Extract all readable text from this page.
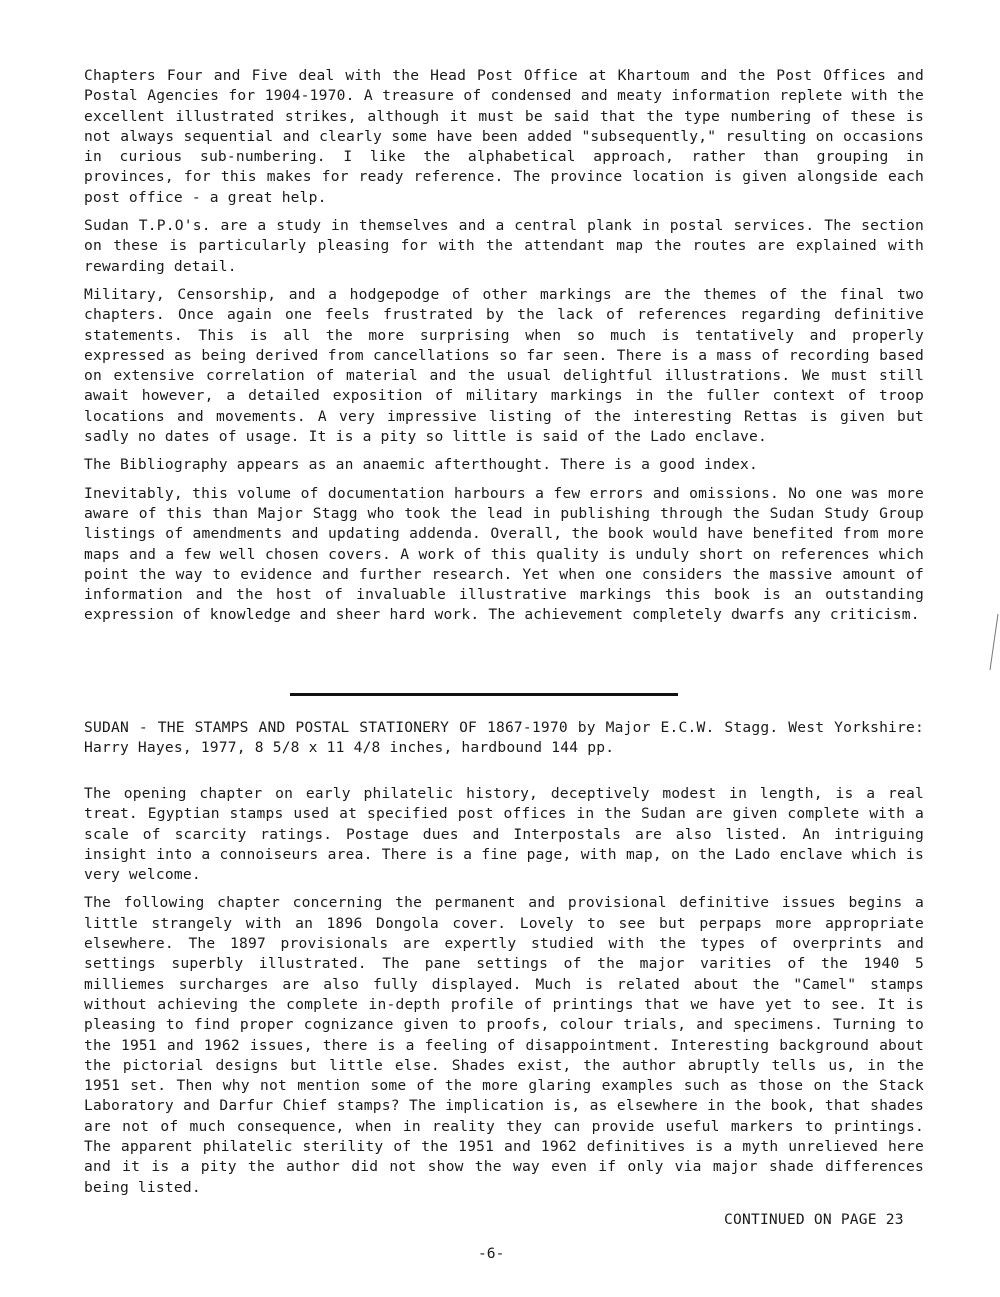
Chapters Four and Five deal with the Head Post Office at Khartoum and the Post Offices and Postal Agencies for 1904-1970. A treasure of condensed and meaty information replete with the excellent illustrated strikes, although it must be said that the type numbering of these is not always sequential and clearly some have been added "subsequently," resulting on occasions in curious sub-numbering. I like the alphabetical approach, rather than grouping in provinces, for this makes for ready reference. The province location is given alongside each post office - a great help.

Sudan T.P.O's. are a study in themselves and a central plank in postal services. The section on these is particularly pleasing for with the attendant map the routes are explained with rewarding detail.

Military, Censorship, and a hodgepodge of other markings are the themes of the final two chapters. Once again one feels frustrated by the lack of references regarding definitive statements. This is all the more surprising when so much is tentatively and properly expressed as being derived from cancellations so far seen. There is a mass of recording based on extensive correlation of material and the usual delightful illustrations. We must still await however, a detailed exposition of military markings in the fuller context of troop locations and movements. A very impressive listing of the interesting Rettas is given but sadly no dates of usage. It is a pity so little is said of the Lado enclave.

The Bibliography appears as an anaemic afterthought. There is a good index.

Inevitably, this volume of documentation harbours a few errors and omissions. No one was more aware of this than Major Stagg who took the lead in publishing through the Sudan Study Group listings of amendments and updating addenda. Overall, the book would have benefited from more maps and a few well chosen covers. A work of this quality is unduly short on references which point the way to evidence and further research. Yet when one considers the massive amount of information and the host of invaluable illustrative markings this book is an outstanding expression of knowledge and sheer hard work. The achievement completely dwarfs any criticism.

SUDAN - THE STAMPS AND POSTAL STATIONERY OF 1867-1970 by Major E.C.W. Stagg. West Yorkshire: Harry Hayes, 1977, 8 5/8 x 11 4/8 inches, hardbound 144 pp.

The opening chapter on early philatelic history, deceptively modest in length, is a real treat. Egyptian stamps used at specified post offices in the Sudan are given complete with a scale of scarcity ratings. Postage dues and Interpostals are also listed. An intriguing insight into a connoiseurs area. There is a fine page, with map, on the Lado enclave which is very welcome.

The following chapter concerning the permanent and provisional definitive issues begins a little strangely with an 1896 Dongola cover. Lovely to see but perpaps more appropriate elsewhere. The 1897 provisionals are expertly studied with the types of overprints and settings superbly illustrated. The pane settings of the major varities of the 1940 5 milliemes surcharges are also fully displayed. Much is related about the "Camel" stamps without achieving the complete in-depth profile of printings that we have yet to see. It is pleasing to find proper cognizance given to proofs, colour trials, and specimens. Turning to the 1951 and 1962 issues, there is a feeling of disappointment. Interesting background about the pictorial designs but little else. Shades exist, the author abruptly tells us, in the 1951 set. Then why not mention some of the more glaring examples such as those on the Stack Laboratory and Darfur Chief stamps? The implication is, as elsewhere in the book, that shades are not of much consequence, when in reality they can provide useful markers to printings. The apparent philatelic sterility of the 1951 and 1962 definitives is a myth unrelieved here and it is a pity the author did not show the way even if only via major shade differences being listed.

CONTINUED ON PAGE 23
-6-
